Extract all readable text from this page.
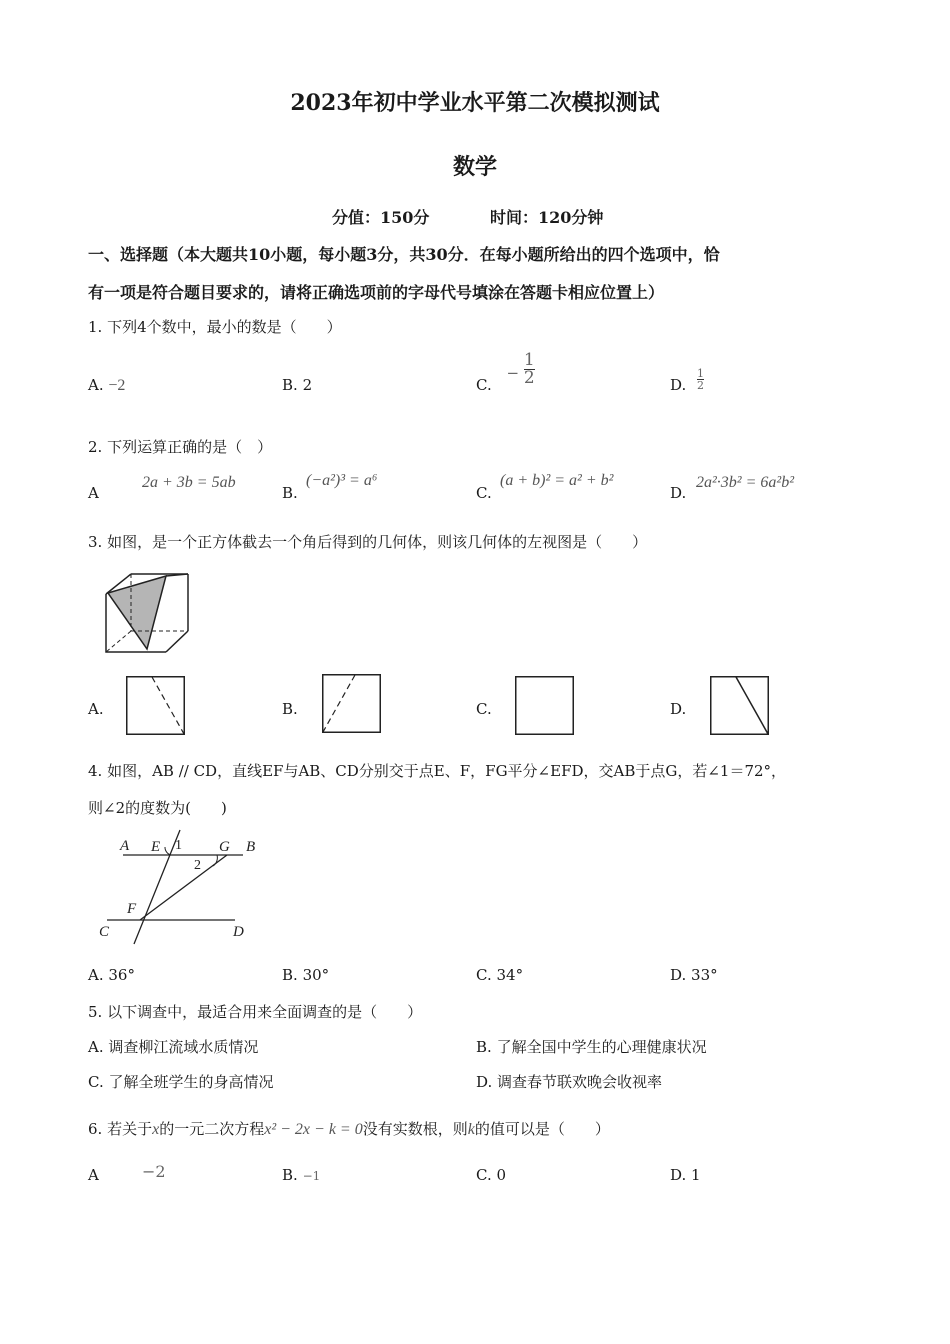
2023年初中学业水平第二次模拟测试
数学
分值：150分	时间：120分钟
一、选择题（本大题共10小题，每小题3分，共30分．在每小题所给出的四个选项中，恰
有一项是符合题目要求的，请将正确选项前的字母代号填涂在答题卡相应位置上）
1. 下列4个数中，最小的数是（　　）
A. −2	B. 2	C. − $\frac{1}{2}$	D. $\frac{1}{2}$
2. 下列运算正确的是（　）
A
2a + 3b = 5ab
B.
(−a²)³ = a⁶
C.
(a + b)² = a² + b²
D.
2a²·3b² = 6a²b²
3. 如图，是一个正方体截去一个角后得到的几何体，则该几何体的左视图是（　　）
A.	B.	C.	D.
4. 如图，AB // CD，直线EF与AB、CD分别交于点E、F，FG平分∠EFD，交AB于点G，若∠1＝72°，
则∠2的度数为(　　)
A E 1 G B
2
F
C	D
A. 36°	B. 30°	C. 34°	D. 33°
5. 以下调查中，最适合用来全面调查的是（　　）
A. 调查柳江流域水质情况	B. 了解全国中学生的心理健康状况
C. 了解全班学生的身高情况	D. 调查春节联欢晚会收视率
6. 若关于x的一元二次方程x² − 2x − k = 0没有实数根，则k的值可以是（　　）
A	−2	B. −1	C. 0	D. 1
